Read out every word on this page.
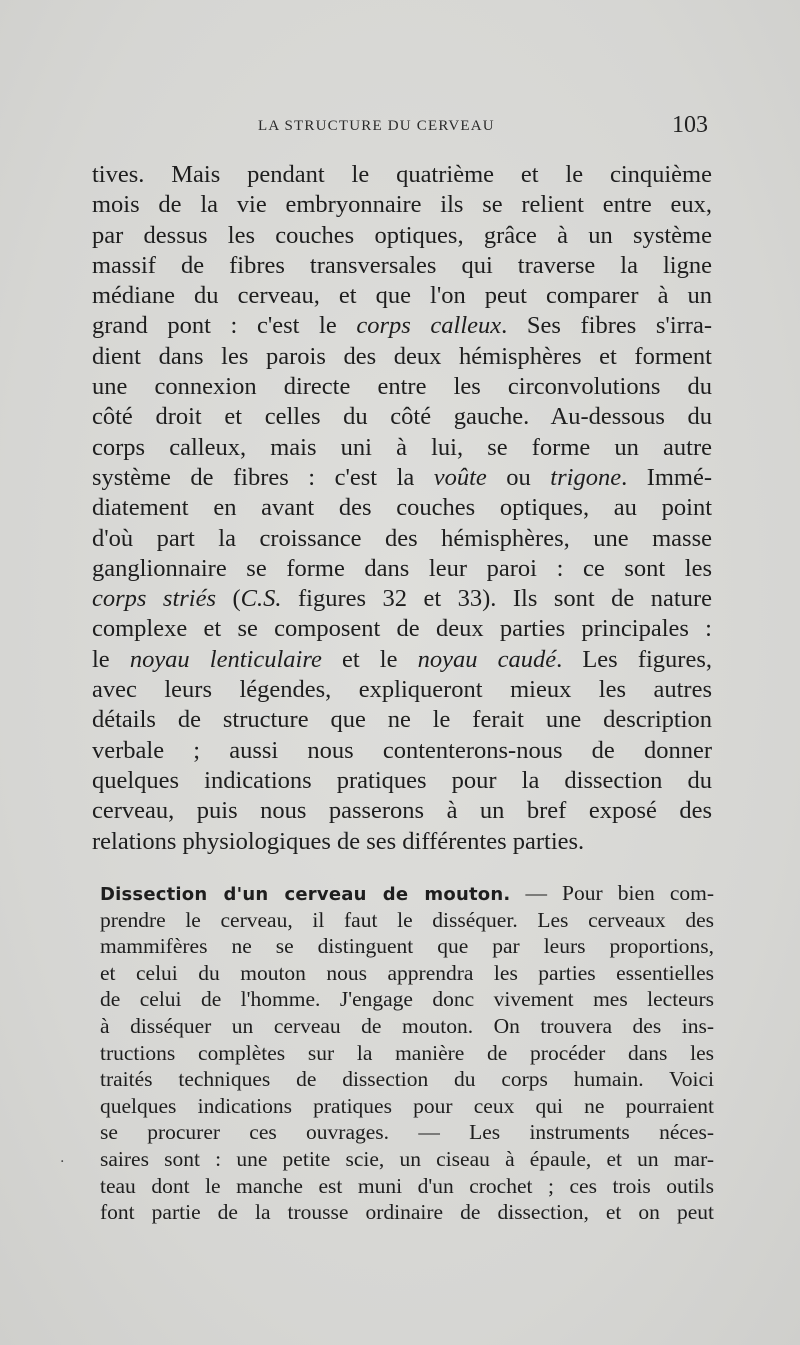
LA STRUCTURE DU CERVEAU	103
tives. Mais pendant le quatrième et le cinquième
mois de la vie embryonnaire ils se relient entre eux,
par dessus les couches optiques, grâce à un système
massif de fibres transversales qui traverse la ligne
médiane du cerveau, et que l'on peut comparer à un
grand pont : c'est le corps calleux. Ses fibres s'irra-
dient dans les parois des deux hémisphères et forment
une connexion directe entre les circonvolutions du
côté droit et celles du côté gauche. Au-dessous du
corps calleux, mais uni à lui, se forme un autre
système de fibres : c'est la voûte ou trigone. Immé-
diatement en avant des couches optiques, au point
d'où part la croissance des hémisphères, une masse
ganglionnaire se forme dans leur paroi : ce sont les
corps striés (C.S. figures 32 et 33). Ils sont de nature
complexe et se composent de deux parties principales :
le noyau lenticulaire et le noyau caudé. Les figures,
avec leurs légendes, expliqueront mieux les autres
détails de structure que ne le ferait une description
verbale ; aussi nous contenterons-nous de donner
quelques indications pratiques pour la dissection du
cerveau, puis nous passerons à un bref exposé des
relations physiologiques de ses différentes parties.
Dissection d'un cerveau de mouton. — Pour bien com-
prendre le cerveau, il faut le disséquer. Les cerveaux des
mammifères ne se distinguent que par leurs proportions,
et celui du mouton nous apprendra les parties essentielles
de celui de l'homme. J'engage donc vivement mes lecteurs
à disséquer un cerveau de mouton. On trouvera des ins-
tructions complètes sur la manière de procéder dans les
traités techniques de dissection du corps humain. Voici
quelques indications pratiques pour ceux qui ne pourraient
se procurer ces ouvrages. — Les instruments néces-
saires sont : une petite scie, un ciseau à épaule, et un mar-
teau dont le manche est muni d'un crochet ; ces trois outils
font partie de la trousse ordinaire de dissection, et on peut
.
